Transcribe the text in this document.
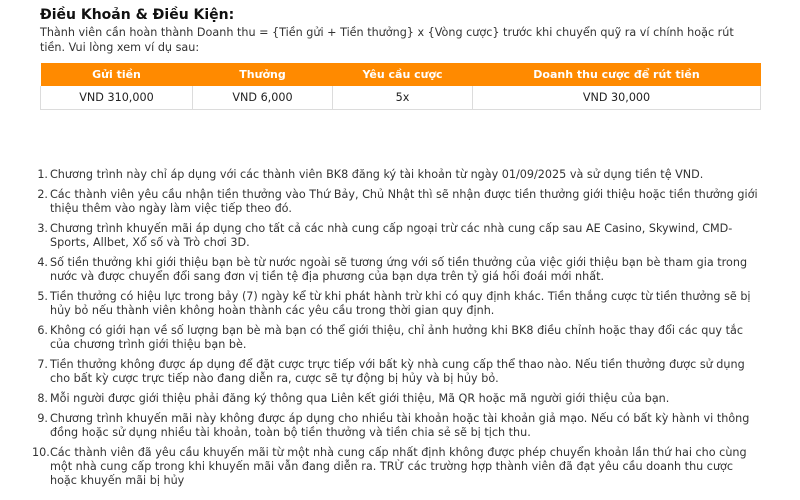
Điều Khoản & Điều Kiện:

Thành viên cần hoàn thành Doanh thu = {Tiền gửi + Tiền thưởng} x {Vòng cược} trước khi chuyển quỹ ra ví chính hoặc rút tiền. Vui lòng xem ví dụ sau:

Gửi tiền	Thưởng	Yêu cầu cược	Doanh thu cược để rút tiền
VND 310,000	VND 6,000	5x	VND 30,000
1. Chương trình này chỉ áp dụng với các thành viên BK8 đăng ký tài khoản từ ngày 01/09/2025 và sử dụng tiền tệ VND.
2. Các thành viên yêu cầu nhận tiền thưởng vào Thứ Bảy, Chủ Nhật thì sẽ nhận được tiền thưởng giới thiệu hoặc tiền thưởng giới thiệu thêm vào ngày làm việc tiếp theo đó.
3. Chương trình khuyến mãi áp dụng cho tất cả các nhà cung cấp ngoại trừ các nhà cung cấp sau AE Casino, Skywind, CMD- Sports, Allbet, Xổ số và Trò chơi 3D.
4. Số tiền thưởng khi giới thiệu bạn bè từ nước ngoài sẽ tương ứng với số tiền thưởng của việc giới thiệu bạn bè tham gia trong nước và được chuyển đổi sang đơn vị tiền tệ địa phương của bạn dựa trên tỷ giá hối đoái mới nhất.
5. Tiền thưởng có hiệu lực trong bảy (7) ngày kể từ khi phát hành trừ khi có quy định khác. Tiền thắng cược từ tiền thưởng sẽ bị hủy bỏ nếu thành viên không hoàn thành các yêu cầu trong thời gian quy định.
6. Không có giới hạn về số lượng bạn bè mà bạn có thể giới thiệu, chỉ ảnh hưởng khi BK8 điều chỉnh hoặc thay đổi các quy tắc của chương trình giới thiệu bạn bè.
7. Tiền thưởng không được áp dụng để đặt cược trực tiếp với bất kỳ nhà cung cấp thể thao nào. Nếu tiền thưởng được sử dụng cho bất kỳ cược trực tiếp nào đang diễn ra, cược sẽ tự động bị hủy và bị hủy bỏ.
8. Mỗi người được giới thiệu phải đăng ký thông qua Liên kết giới thiệu, Mã QR hoặc mã người giới thiệu của bạn.
9. Chương trình khuyến mãi này không được áp dụng cho nhiều tài khoản hoặc tài khoản giả mạo. Nếu có bất kỳ hành vi thông đồng hoặc sử dụng nhiều tài khoản, toàn bộ tiền thưởng và tiền chia sẻ sẽ bị tịch thu.
10. Các thành viên đã yêu cầu khuyến mãi từ một nhà cung cấp nhất định không được phép chuyển khoản lần thứ hai cho cùng một nhà cung cấp trong khi khuyến mãi vẫn đang diễn ra. TRỪ các trường hợp thành viên đã đạt yêu cầu doanh thu cược hoặc khuyến mãi bị hủy
